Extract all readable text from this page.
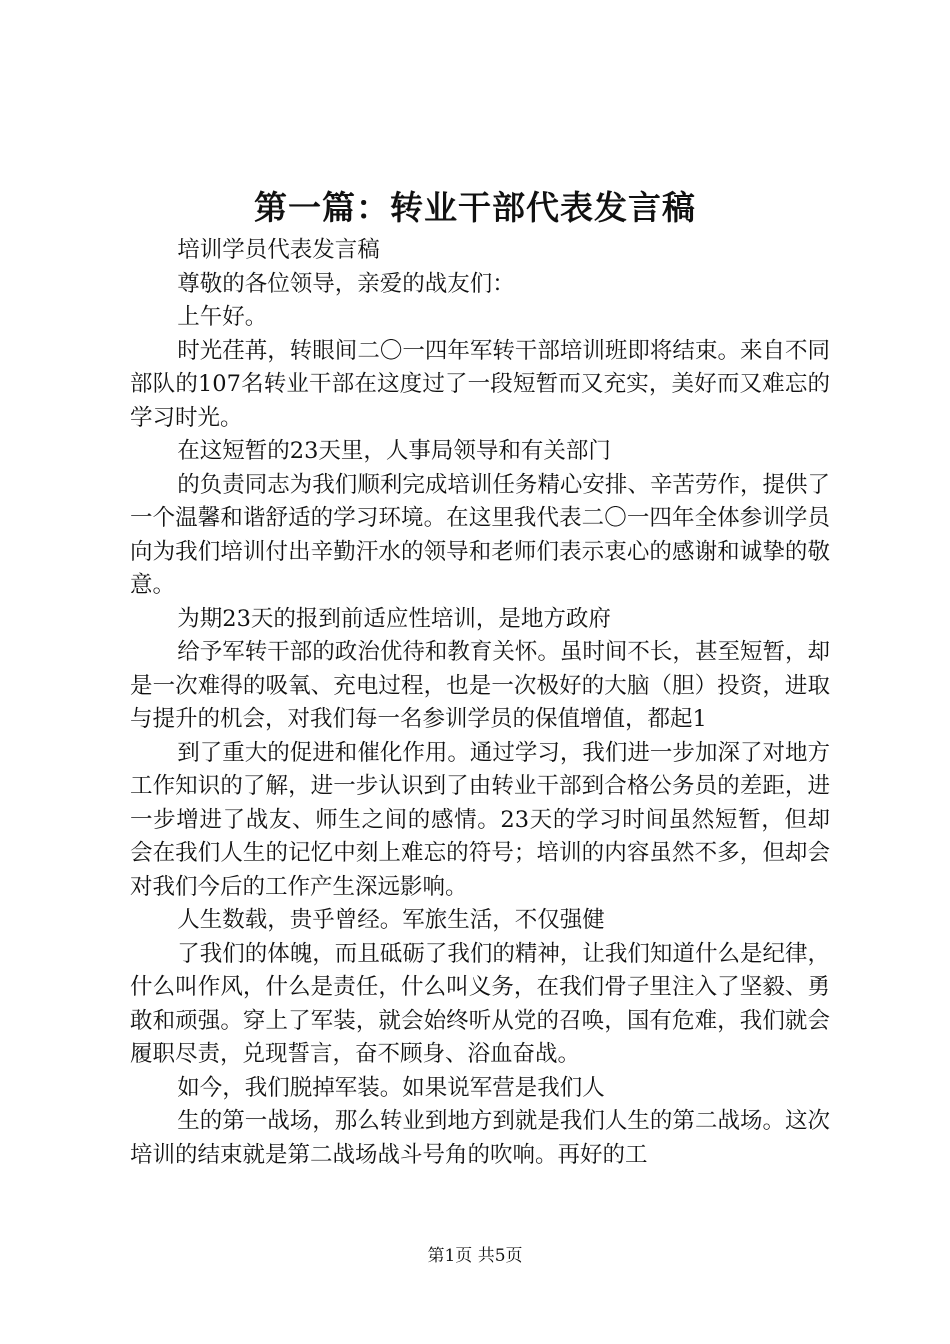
第一篇：转业干部代表发言稿

培训学员代表发言稿

尊敬的各位领导，亲爱的战友们：

上午好。

时光荏苒，转眼间二〇一四年军转干部培训班即将结束。来自不同部队的107名转业干部在这度过了一段短暂而又充实，美好而又难忘的学习时光。

在这短暂的23天里，人事局领导和有关部门

的负责同志为我们顺利完成培训任务精心安排、辛苦劳作，提供了一个温馨和谐舒适的学习环境。在这里我代表二〇一四年全体参训学员向为我们培训付出辛勤汗水的领导和老师们表示衷心的感谢和诚挚的敬意。

为期23天的报到前适应性培训，是地方政府

给予军转干部的政治优待和教育关怀。虽时间不长，甚至短暂，却是一次难得的吸氧、充电过程，也是一次极好的大脑（胆）投资，进取与提升的机会，对我们每一名参训学员的保值增值，都起1

到了重大的促进和催化作用。通过学习，我们进一步加深了对地方工作知识的了解，进一步认识到了由转业干部到合格公务员的差距，进一步增进了战友、师生之间的感情。23天的学习时间虽然短暂，但却会在我们人生的记忆中刻上难忘的符号；培训的内容虽然不多，但却会对我们今后的工作产生深远影响。

人生数载，贵乎曾经。军旅生活，不仅强健

了我们的体魄，而且砥砺了我们的精神，让我们知道什么是纪律，什么叫作风，什么是责任，什么叫义务，在我们骨子里注入了坚毅、勇敢和顽强。穿上了军装，就会始终听从党的召唤，国有危难，我们就会履职尽责，兑现誓言，奋不顾身、浴血奋战。

如今，我们脱掉军装。如果说军营是我们人

生的第一战场，那么转业到地方到就是我们人生的第二战场。这次培训的结束就是第二战场战斗号角的吹响。再好的工

第1页 共5页
